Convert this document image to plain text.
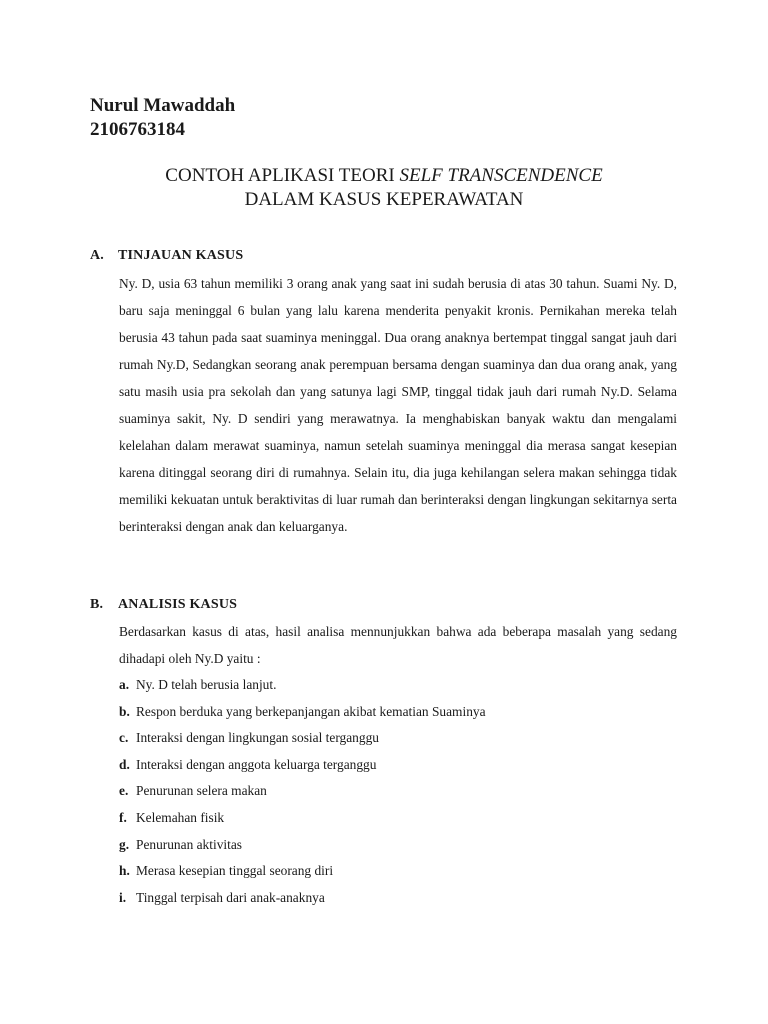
Nurul Mawaddah
2106763184
CONTOH APLIKASI TEORI SELF TRANSCENDENCE
DALAM KASUS KEPERAWATAN
A. TINJAUAN KASUS

Ny. D, usia 63 tahun memiliki 3 orang anak yang saat ini sudah berusia di atas 30 tahun. Suami Ny. D, baru saja meninggal 6 bulan yang lalu karena menderita penyakit kronis. Pernikahan mereka telah berusia 43 tahun pada saat suaminya meninggal. Dua orang anaknya bertempat tinggal sangat jauh dari rumah Ny.D, Sedangkan seorang anak perempuan bersama dengan suaminya dan dua orang anak, yang satu masih usia pra sekolah dan yang satunya lagi SMP, tinggal tidak jauh dari rumah Ny.D. Selama suaminya sakit, Ny. D sendiri yang merawatnya. Ia menghabiskan banyak waktu dan mengalami kelelahan dalam merawat suaminya, namun setelah suaminya meninggal dia merasa sangat kesepian karena ditinggal seorang diri di rumahnya. Selain itu, dia juga kehilangan selera makan sehingga tidak memiliki kekuatan untuk beraktivitas di luar rumah dan berinteraksi dengan lingkungan sekitarnya serta berinteraksi dengan anak dan keluarganya.

B. ANALISIS KASUS

Berdasarkan kasus di atas, hasil analisa mennunjukkan bahwa ada beberapa masalah yang sedang dihadapi oleh Ny.D yaitu :

a. Ny. D telah berusia lanjut.
b. Respon berduka yang berkepanjangan akibat kematian Suaminya
c. Interaksi dengan lingkungan sosial terganggu
d. Interaksi dengan anggota keluarga terganggu
e. Penurunan selera makan
f. Kelemahan fisik
g. Penurunan aktivitas
h. Merasa kesepian tinggal seorang diri
i. Tinggal terpisah dari anak-anaknya
